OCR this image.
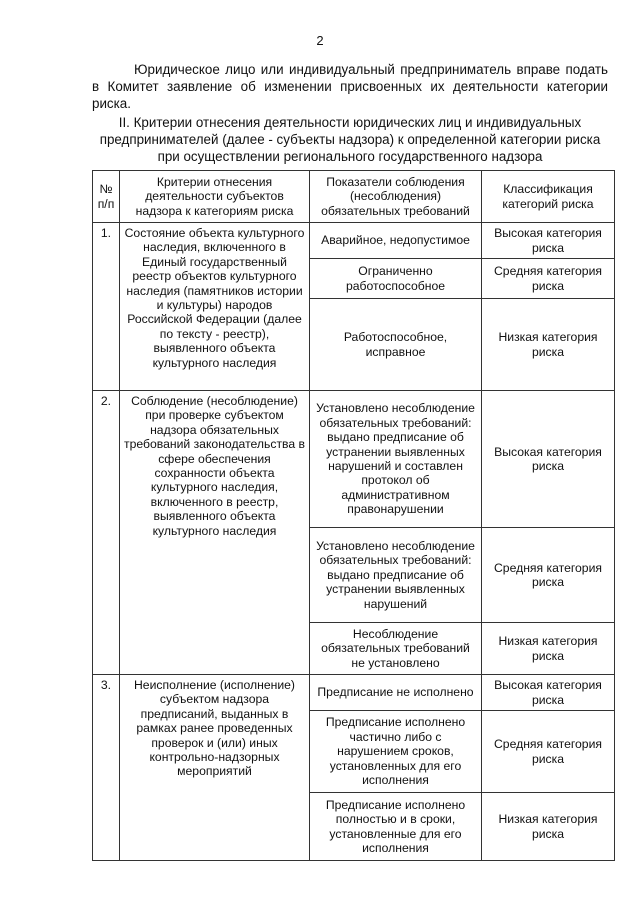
2

Юридическое лицо или индивидуальный предприниматель вправе подать в Комитет заявление об изменении присвоенных их деятельности категории риска.

II. Критерии отнесения деятельности юридических лиц и индивидуальных предпринимателей (далее - субъекты надзора) к определенной категории риска при осуществлении регионального государственного надзора

№ п/п	Критерии отнесения деятельности субъектов надзора к категориям риска	Показатели соблюдения (несоблюдения) обязательных требований	Классификация категорий риска
1.	Состояние объекта культурного наследия, включенного в Единый государственный реестр объектов культурного наследия (памятников истории и культуры) народов Российской Федерации (далее по тексту - реестр), выявленного объекта культурного наследия	Аварийное, недопустимое	Высокая категория риска
		Ограниченно работоспособное	Средняя категория риска
		Работоспособное, исправное	Низкая категория риска
2.	Соблюдение (несоблюдение) при проверке субъектом надзора обязательных требований законодательства в сфере обеспечения сохранности объекта культурного наследия, включенного в реестр, выявленного объекта культурного наследия	Установлено несоблюдение обязательных требований: выдано предписание об устранении выявленных нарушений и составлен протокол об административном правонарушении	Высокая категория риска
		Установлено несоблюдение обязательных требований: выдано предписание об устранении выявленных нарушений	Средняя категория риска
		Несоблюдение обязательных требований не установлено	Низкая категория риска
3.	Неисполнение (исполнение) субъектом надзора предписаний, выданных в рамках ранее проведенных проверок и (или) иных контрольно-надзорных мероприятий	Предписание не исполнено	Высокая категория риска
		Предписание исполнено частично либо с нарушением сроков, установленных для его исполнения	Средняя категория риска
		Предписание исполнено полностью и в сроки, установленные для его исполнения	Низкая категория риска
